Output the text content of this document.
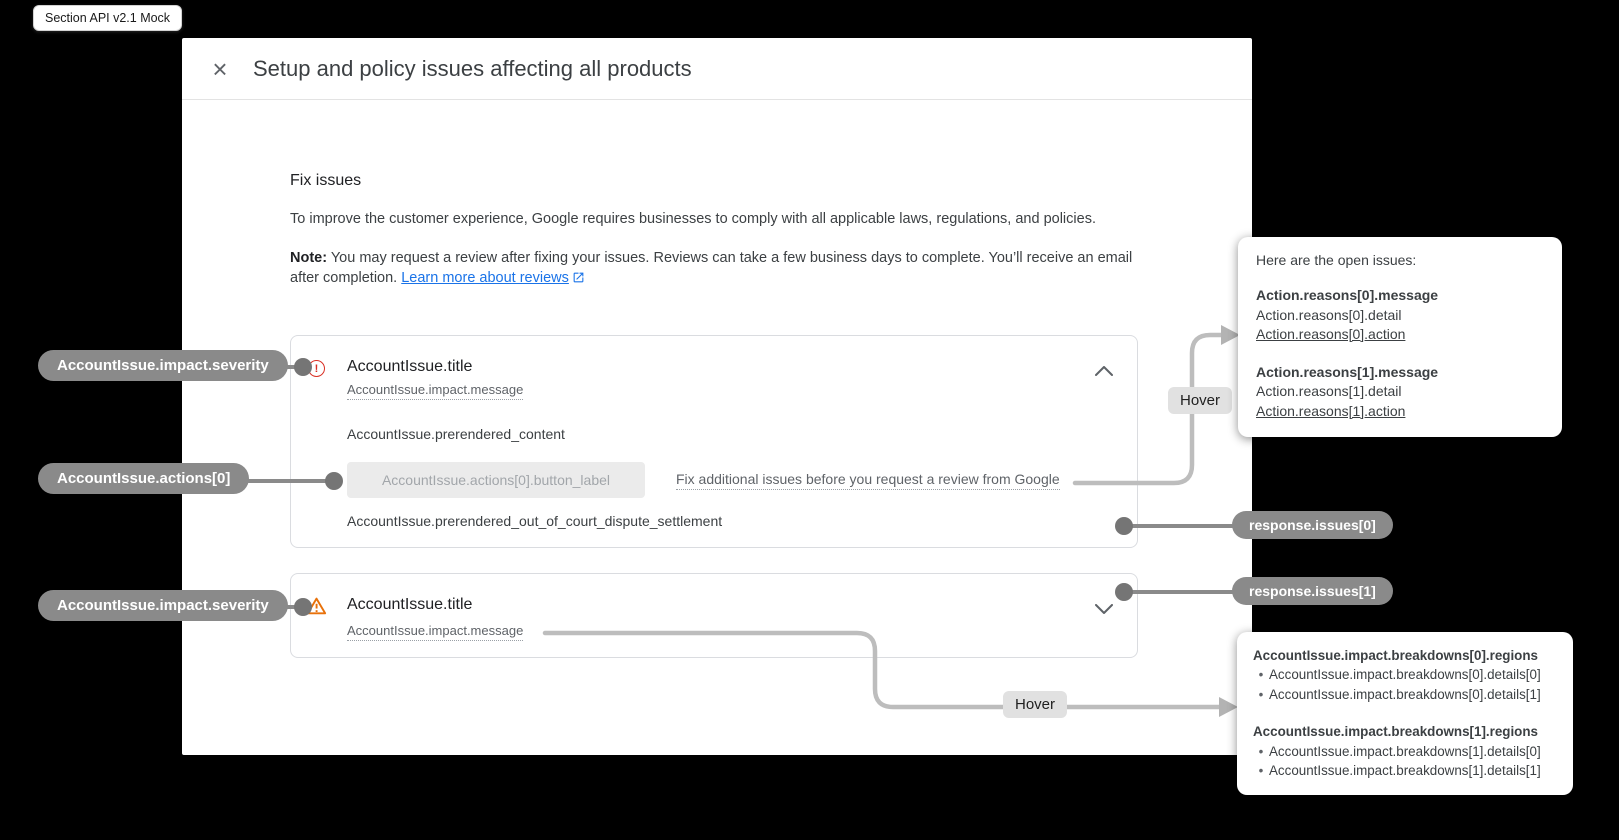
Section API v2.1 Mock
× Setup and policy issues affecting all products
Fix issues
To improve the customer experience, Google requires businesses to comply with all applicable laws, regulations, and policies.
Note: You may request a review after fixing your issues. Reviews can take a few business days to complete. You’ll receive an email after completion. Learn more about reviews
!	AccountIssue.title
AccountIssue.impact.message
AccountIssue.prerendered_content
AccountIssue.actions[0].button_label	Fix additional issues before you request a review from Google
AccountIssue.prerendered_out_of_court_dispute_settlement
AccountIssue.title
AccountIssue.impact.message
AccountIssue.impact.severity
AccountIssue.actions[0]
AccountIssue.impact.severity
response.issues[0]
response.issues[1]
Hover
Hover
Here are the open issues:
Action.reasons[0].message
Action.reasons[0].detail
Action.reasons[0].action
Action.reasons[1].message
Action.reasons[1].detail
Action.reasons[1].action
AccountIssue.impact.breakdowns[0].regions
• AccountIssue.impact.breakdowns[0].details[0]
• AccountIssue.impact.breakdowns[0].details[1]
AccountIssue.impact.breakdowns[1].regions
• AccountIssue.impact.breakdowns[1].details[0]
• AccountIssue.impact.breakdowns[1].details[1]
